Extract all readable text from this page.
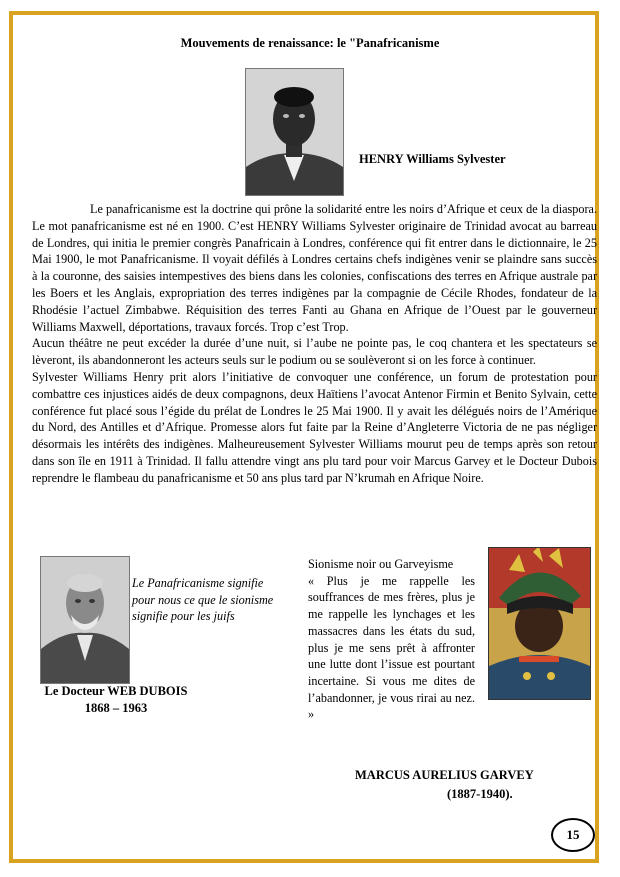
Mouvements de renaissance: le "Panafricanisme
HENRY Williams Sylvester

Le panafricanisme est la doctrine qui prône la solidarité entre les noirs d’Afrique et ceux de la diaspora. Le mot panafricanisme est né en 1900. C’est HENRY Williams Sylvester originaire de Trinidad avocat au barreau de Londres, qui initia le premier congrès Panafricain à Londres, conférence qui fit entrer dans le dictionnaire, le 25 Mai 1900, le mot Panafricanisme. Il voyait défilés à Londres certains chefs indigènes venir se plaindre sans succès à la couronne, des saisies intempestives des biens dans les colonies, confiscations des terres en Afrique australe par les Boers et les Anglais, expropriation des terres indigènes par la compagnie de Cécile Rhodes, fondateur de la Rhodésie l’actuel Zimbabwe. Réquisition des terres Fanti au Ghana en Afrique de l’Ouest par le gouverneur Williams Maxwell, déportations, travaux forcés. Trop c’est Trop.

Aucun théâtre ne peut excéder la durée d’une nuit, si l’aube ne pointe pas, le coq chantera et les spectateurs se lèveront, ils abandonneront les acteurs seuls sur le podium ou se soulèveront si on les force à continuer.

Sylvester Williams Henry prit alors l’initiative de convoquer une conférence, un forum de protestation pour combattre ces injustices aidés de deux compagnons, deux Haïtiens l’avocat Antenor Firmin et Benito Sylvain, cette conférence fut placé sous l’égide du prélat de Londres le 25 Mai 1900. Il y avait les délégués noirs de l’Amérique du Nord, des Antilles et d’Afrique. Promesse alors fut faite par la Reine d’Angleterre Victoria de ne pas négliger désormais les intérêts des indigènes. Malheureusement Sylvester Williams mourut peu de temps après son retour dans son île en 1911 à Trinidad. Il fallu attendre vingt ans plu tard pour voir Marcus Garvey et le Docteur Dubois reprendre le flambeau du panafricanisme et 50 ans plus tard par N’krumah en Afrique Noire.

Le Panafricanisme signifie pour nous ce que le sionisme signifie pour les juifs
Le Docteur WEB DUBOIS
1868 – 1963
Sionisme noir ou Garveyisme
« Plus je me rappelle les souffrances de mes frères, plus je me rappelle les lynchages et les massacres dans les états du sud, plus je me sens prêt à affronter une lutte dont l’issue est pourtant incertaine. Si vous me dites de l’abandonner, je vous rirai au nez. »
MARCUS AURELIUS GARVEY
(1887-1940).
15
